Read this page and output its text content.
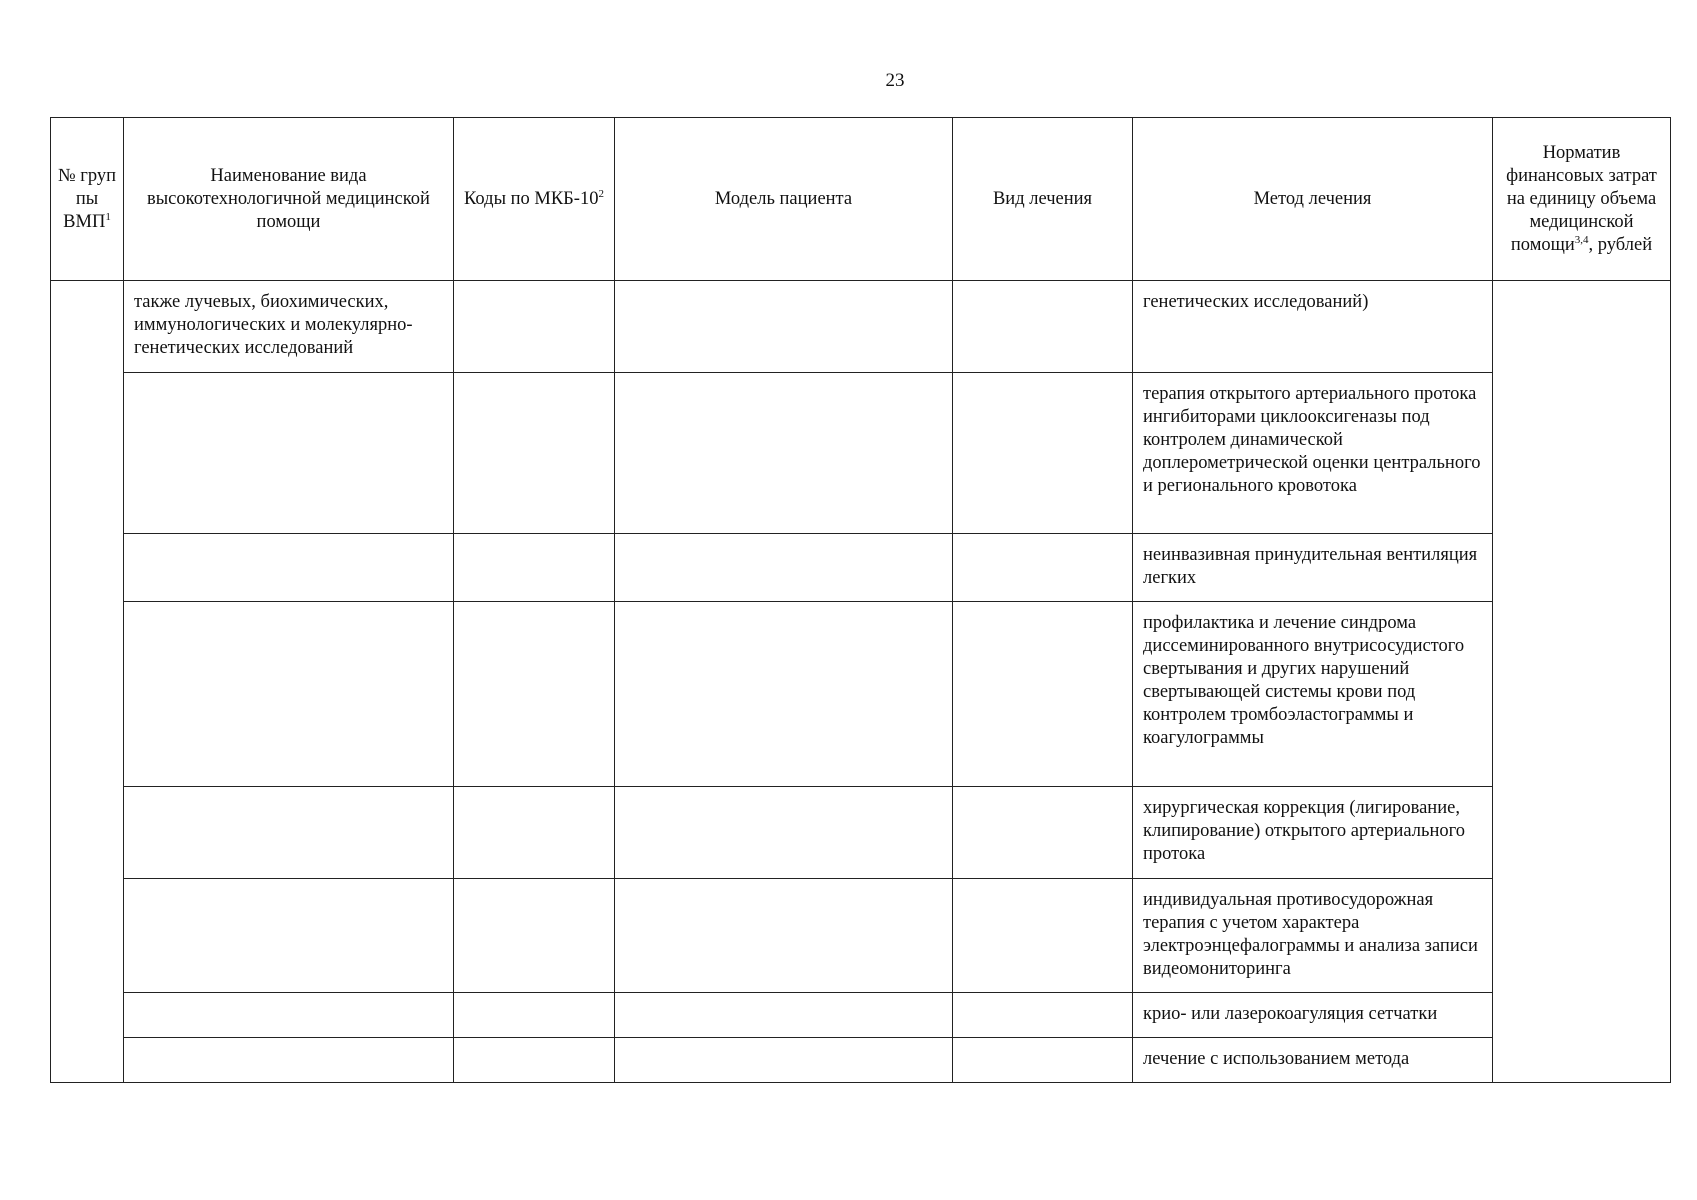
23
№ груп пы ВМП$^1$	Наименование вида высокотехнологичной медицинской помощи	Коды по МКБ-$10^2$	Модель пациента	Вид лечения	Метод лечения	Норматив финансовых затрат на единицу объема медицинской помощи$^{3,4}$, рублей
	также лучевых, биохимических, иммунологических и молекулярно-генетических исследований				генетических исследований)	
					терапия открытого артериального протока ингибиторами циклооксигеназы под контролем динамической доплерометрической оценки центрального и регионального кровотока	
					неинвазивная принудительная вентиляция легких	
					профилактика и лечение синдрома диссеминированного внутрисосудистого свертывания и других нарушений свертывающей системы крови под контролем тромбоэластограммы и коагулограммы	
					хирургическая коррекция (лигирование, клипирование) открытого артериального протока	
					индивидуальная противосудорожная терапия с учетом характера электроэнцефалограммы и анализа записи видеомониторинга	
					крио- или лазерокоагуляция сетчатки	
					лечение с использованием метода	
